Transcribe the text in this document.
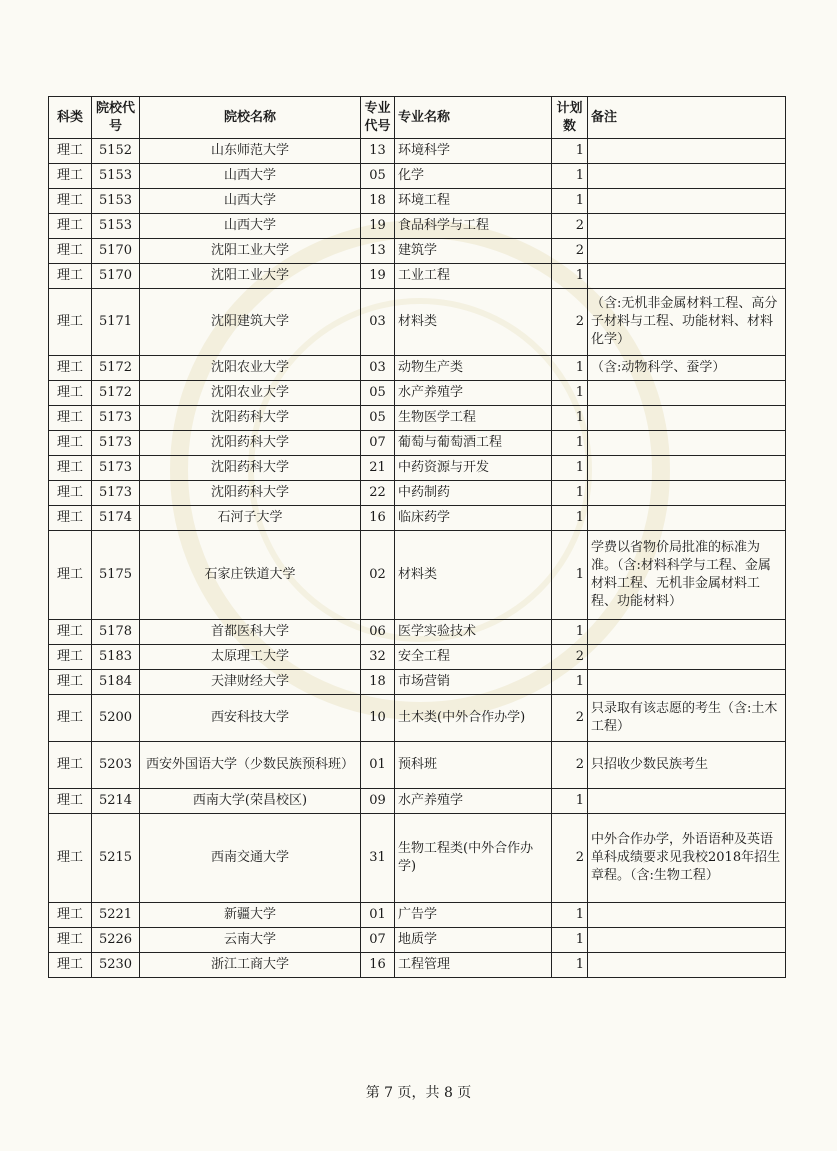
科类	院校代号	院校名称	专业代号	专业名称	计划数	备注
理工	5152	山东师范大学	13	环境科学	1	
理工	5153	山西大学	05	化学	1	
理工	5153	山西大学	18	环境工程	1	
理工	5153	山西大学	19	食品科学与工程	2	
理工	5170	沈阳工业大学	13	建筑学	2	
理工	5170	沈阳工业大学	19	工业工程	1	
理工	5171	沈阳建筑大学	03	材料类	2	（含:无机非金属材料工程、高分子材料与工程、功能材料、材料化学）
理工	5172	沈阳农业大学	03	动物生产类	1	（含:动物科学、蚕学）
理工	5172	沈阳农业大学	05	水产养殖学	1	
理工	5173	沈阳药科大学	05	生物医学工程	1	
理工	5173	沈阳药科大学	07	葡萄与葡萄酒工程	1	
理工	5173	沈阳药科大学	21	中药资源与开发	1	
理工	5173	沈阳药科大学	22	中药制药	1	
理工	5174	石河子大学	16	临床药学	1	
理工	5175	石家庄铁道大学	02	材料类	1	学费以省物价局批准的标准为准。（含:材料科学与工程、金属材料工程、无机非金属材料工程、功能材料）
理工	5178	首都医科大学	06	医学实验技术	1	
理工	5183	太原理工大学	32	安全工程	2	
理工	5184	天津财经大学	18	市场营销	1	
理工	5200	西安科技大学	10	土木类(中外合作办学)	2	只录取有该志愿的考生（含:土木工程）
理工	5203	西安外国语大学（少数民族预科班）	01	预科班	2	只招收少数民族考生
理工	5214	西南大学(荣昌校区)	09	水产养殖学	1	
理工	5215	西南交通大学	31	生物工程类(中外合作办学)	2	中外合作办学，外语语种及英语单科成绩要求见我校2018年招生章程。（含:生物工程）
理工	5221	新疆大学	01	广告学	1	
理工	5226	云南大学	07	地质学	1	
理工	5230	浙江工商大学	16	工程管理	1	
第 7 页，共 8 页
